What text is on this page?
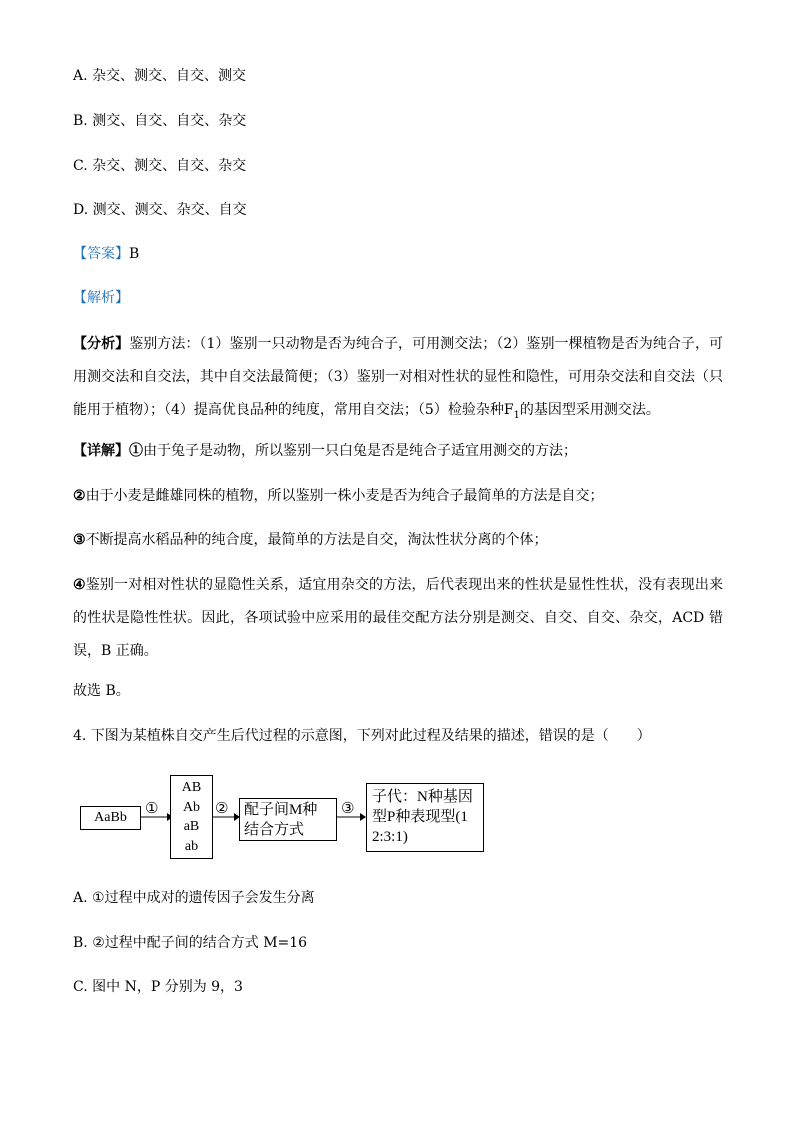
A. 杂交、测交、自交、测交
B. 测交、自交、自交、杂交
C. 杂交、测交、自交、杂交
D. 测交、测交、杂交、自交
【答案】B
【解析】
【分析】鉴别方法：（1）鉴别一只动物是否为纯合子，可用测交法；（2）鉴别一棵植物是否为纯合子，可用测交法和自交法，其中自交法最简便；（3）鉴别一对相对性状的显性和隐性，可用杂交法和自交法（只能用于植物）；（4）提高优良品种的纯度，常用自交法；（5）检验杂种$F_1$的基因型采用测交法。
【详解】①由于兔子是动物，所以鉴别一只白兔是否是纯合子适宜用测交的方法；
②由于小麦是雌雄同株的植物，所以鉴别一株小麦是否为纯合子最简单的方法是自交；
③不断提高水稻品种的纯合度，最简单的方法是自交，淘汰性状分离的个体；
④鉴别一对相对性状的显隐性关系，适宜用杂交的方法，后代表现出来的性状是显性性状，没有表现出来的性状是隐性性状。因此，各项试验中应采用的最佳交配方法分别是测交、自交、自交、杂交，ACD 错误，B 正确。
故选 B。
4. 下图为某植株自交产生后代过程的示意图，下列对此过程及结果的描述，错误的是（　　）
AaBb
①
AB
Ab
aB
ab
②	配子间M种结合方式
③
子代：N种基因型P种表现型(12:3:1)
A. ①过程中成对的遗传因子会发生分离
B. ②过程中配子间的结合方式 M=16
C. 图中 N，P 分别为 9，3
